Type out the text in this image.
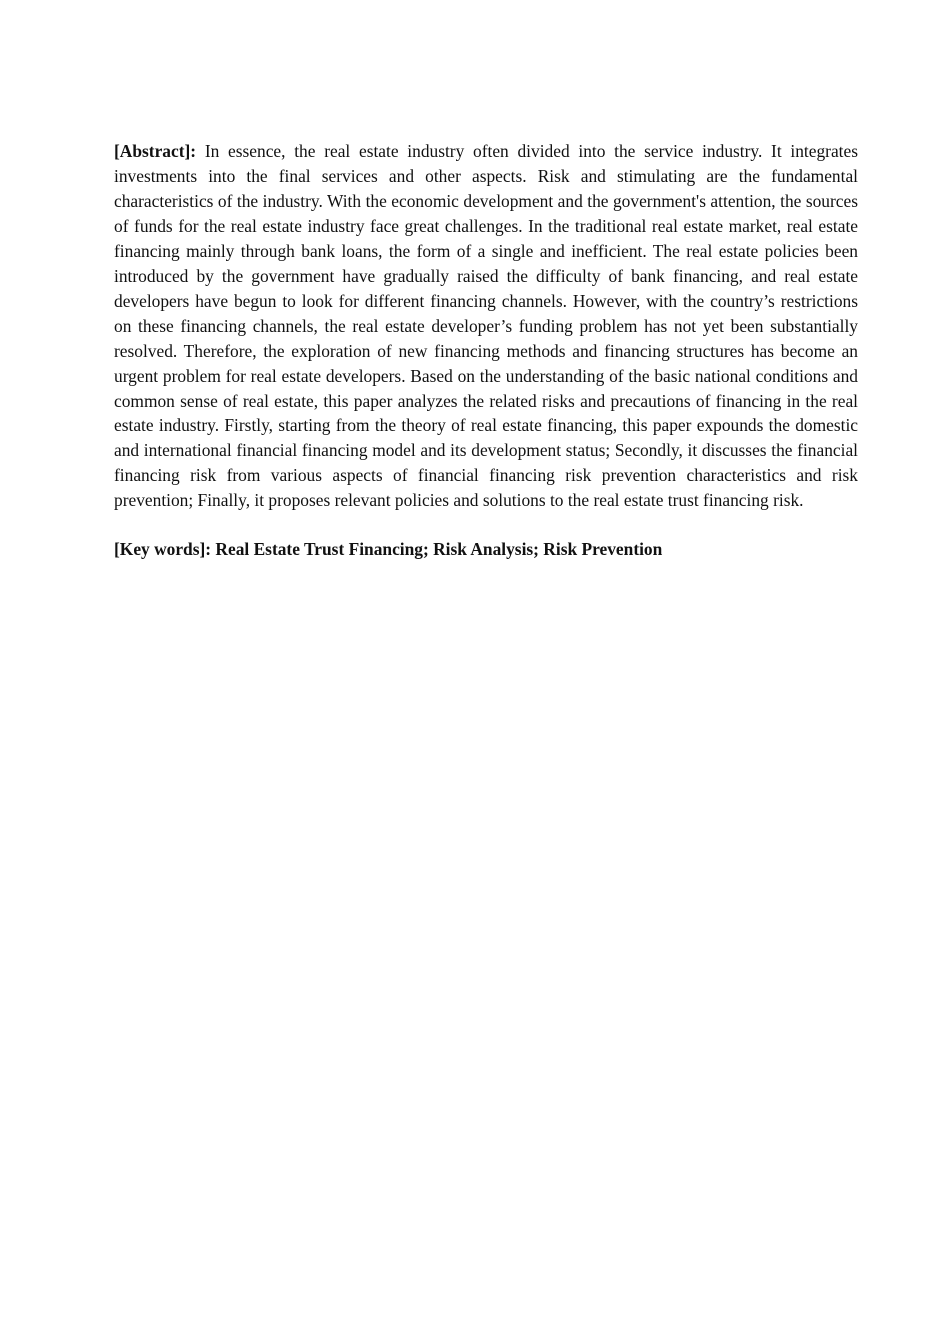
[Abstract]: In essence, the real estate industry often divided into the service industry. It integrates investments into the final services and other aspects. Risk and stimulating are the fundamental characteristics of the industry. With the economic development and the government's attention, the sources of funds for the real estate industry face great challenges. In the traditional real estate market, real estate financing mainly through bank loans, the form of a single and inefficient. The real estate policies been introduced by the government have gradually raised the difficulty of bank financing, and real estate developers have begun to look for different financing channels. However, with the country’s restrictions on these financing channels, the real estate developer’s funding problem has not yet been substantially resolved. Therefore, the exploration of new financing methods and financing structures has become an urgent problem for real estate developers. Based on the understanding of the basic national conditions and common sense of real estate, this paper analyzes the related risks and precautions of financing in the real estate industry. Firstly, starting from the theory of real estate financing, this paper expounds the domestic and international financial financing model and its development status; Secondly, it discusses the financial financing risk from various aspects of financial financing risk prevention characteristics and risk prevention; Finally, it proposes relevant policies and solutions to the real estate trust financing risk.

[Key words]: Real Estate Trust Financing; Risk Analysis; Risk Prevention
